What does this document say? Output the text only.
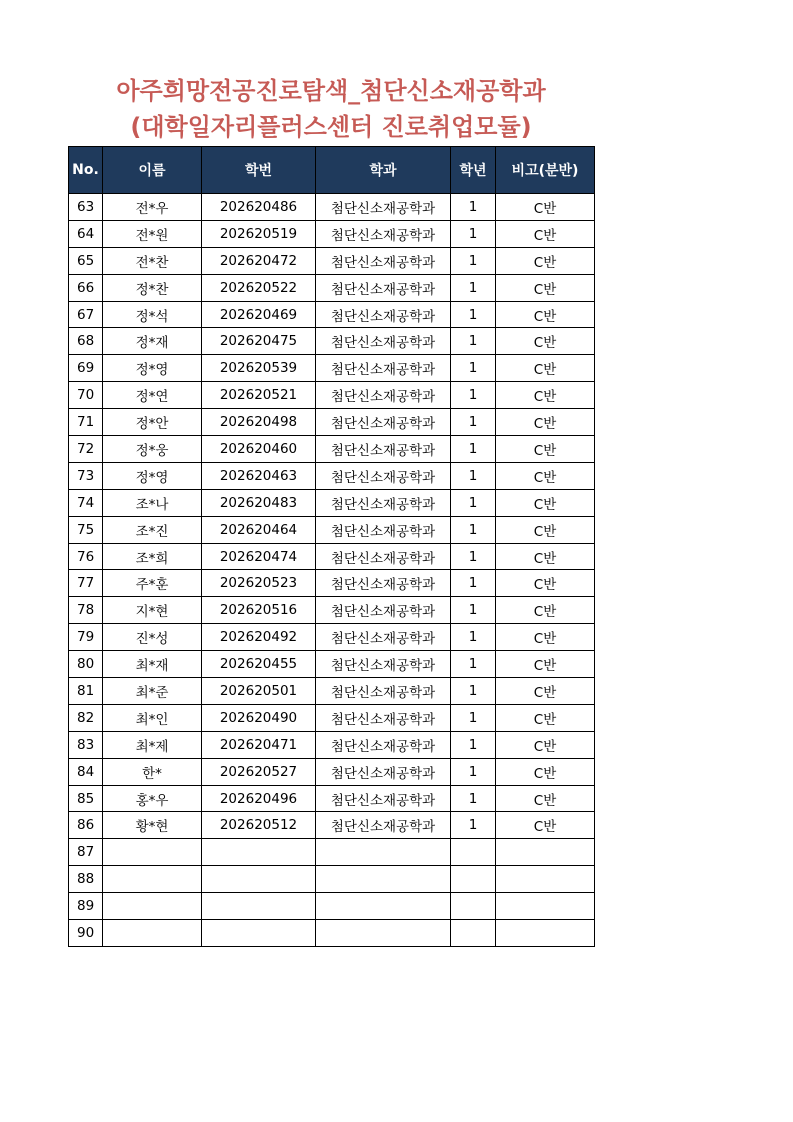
아주희망전공진로탐색_첨단신소재공학과
(대학일자리플러스센터 진로취업모듈)
No.	이름	학번	학과	학년	비고(분반)
63	전*우	202620486	첨단신소재공학과	1	C반
64	전*원	202620519	첨단신소재공학과	1	C반
65	전*찬	202620472	첨단신소재공학과	1	C반
66	정*찬	202620522	첨단신소재공학과	1	C반
67	정*석	202620469	첨단신소재공학과	1	C반
68	정*재	202620475	첨단신소재공학과	1	C반
69	정*영	202620539	첨단신소재공학과	1	C반
70	정*연	202620521	첨단신소재공학과	1	C반
71	정*안	202620498	첨단신소재공학과	1	C반
72	정*웅	202620460	첨단신소재공학과	1	C반
73	정*영	202620463	첨단신소재공학과	1	C반
74	조*나	202620483	첨단신소재공학과	1	C반
75	조*진	202620464	첨단신소재공학과	1	C반
76	조*희	202620474	첨단신소재공학과	1	C반
77	주*훈	202620523	첨단신소재공학과	1	C반
78	지*현	202620516	첨단신소재공학과	1	C반
79	진*성	202620492	첨단신소재공학과	1	C반
80	최*재	202620455	첨단신소재공학과	1	C반
81	최*준	202620501	첨단신소재공학과	1	C반
82	최*인	202620490	첨단신소재공학과	1	C반
83	최*제	202620471	첨단신소재공학과	1	C반
84	한*	202620527	첨단신소재공학과	1	C반
85	홍*우	202620496	첨단신소재공학과	1	C반
86	황*현	202620512	첨단신소재공학과	1	C반
87					
88					
89					
90					
